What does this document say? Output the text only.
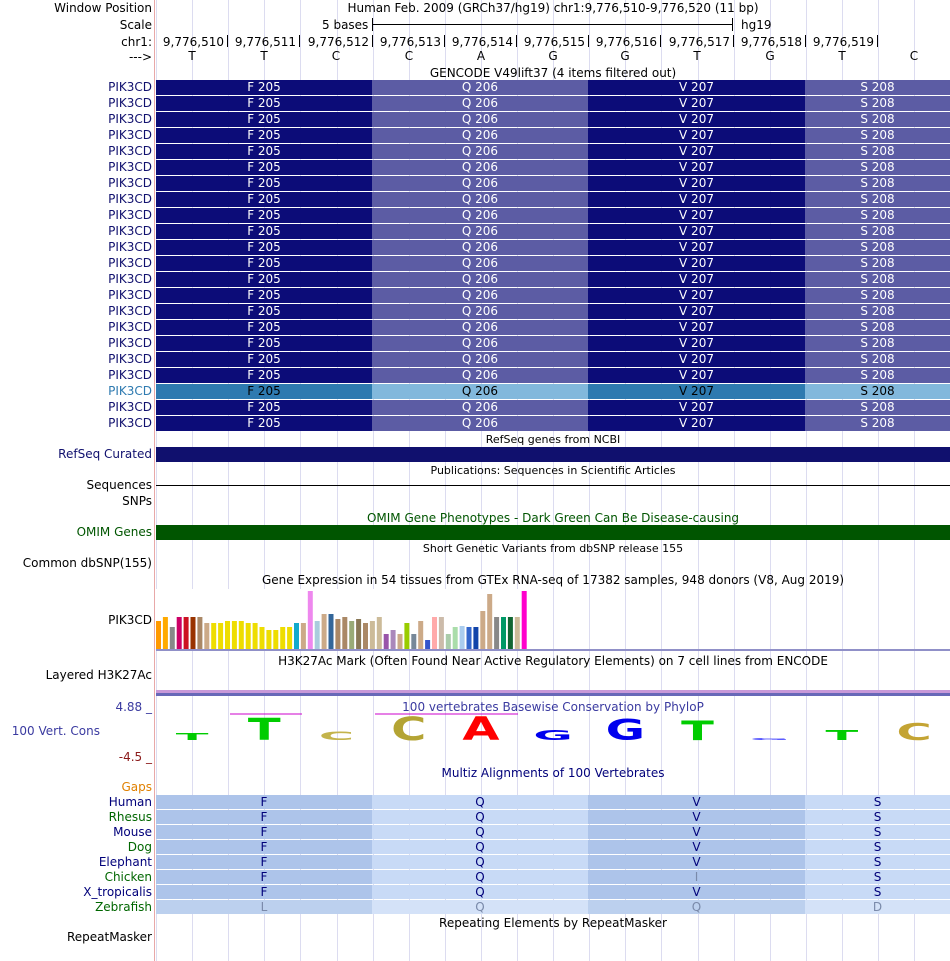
Window Position
Scale
chr1:
--->
Human Feb. 2009 (GRCh37/hg19) chr1:9,776,510-9,776,520 (11 bp)
5 bases	hg19
9,776,510 9,776,511 9,776,512 9,776,513 9,776,514 9,776,515 9,776,516 9,776,517 9,776,518 9,776,519
T	T	C	C	A	G	G	T	G	T	C
GENCODE V49lift37 (4 items filtered out)
PIK3CD	F 205	Q 206	V 207	S 208
PIK3CD	F 205	Q 206	V 207	S 208
PIK3CD	F 205	Q 206	V 207	S 208
PIK3CD	F 205	Q 206	V 207	S 208
PIK3CD	F 205	Q 206	V 207	S 208
PIK3CD	F 205	Q 206	V 207	S 208
PIK3CD	F 205	Q 206	V 207	S 208
PIK3CD	F 205	Q 206	V 207	S 208
PIK3CD	F 205	Q 206	V 207	S 208
PIK3CD	F 205	Q 206	V 207	S 208
PIK3CD	F 205	Q 206	V 207	S 208
PIK3CD	F 205	Q 206	V 207	S 208
PIK3CD	F 205	Q 206	V 207	S 208
PIK3CD	F 205	Q 206	V 207	S 208
PIK3CD	F 205	Q 206	V 207	S 208
PIK3CD	F 205	Q 206	V 207	S 208
PIK3CD	F 205	Q 206	V 207	S 208
PIK3CD	F 205	Q 206	V 207	S 208
PIK3CD	F 205	Q 206	V 207	S 208
PIK3CD	F 205	Q 206	V 207	S 208
PIK3CD	F 205	Q 206	V 207	S 208
PIK3CD	F 205	Q 206	V 207	S 208
RefSeq genes from NCBI
RefSeq Curated
Publications: Sequences in Scientific Articles
Sequences
SNPs
OMIM Gene Phenotypes - Dark Green Can Be Disease-causing
OMIM Genes
Short Genetic Variants from dbSNP release 155
Common dbSNP(155)
Gene Expression in 54 tissues from GTEx RNA-seq of 17382 samples, 948 donors (V8, Aug 2019)
PIK3CD
H3K27Ac Mark (Often Found Near Active Regulatory Elements) on 7 cell lines from ENCODE
Layered H3K27Ac
100 vertebrates Basewise Conservation by PhyloP
4.88 _
100 Vert. Cons
-4.5 _
T T C C A G G T G T C
Multiz Alignments of 100 Vertebrates
Gaps
Human	F	Q	V	S
Rhesus	F	Q	V	S
Mouse	F	Q	V	S
Dog	F	Q	V	S
Elephant	F	Q	V	S
Chicken	F	Q	I	S
X_tropicalis	F	Q	V	S
Zebrafish	L	Q	Q	D
Repeating Elements by RepeatMasker
RepeatMasker
